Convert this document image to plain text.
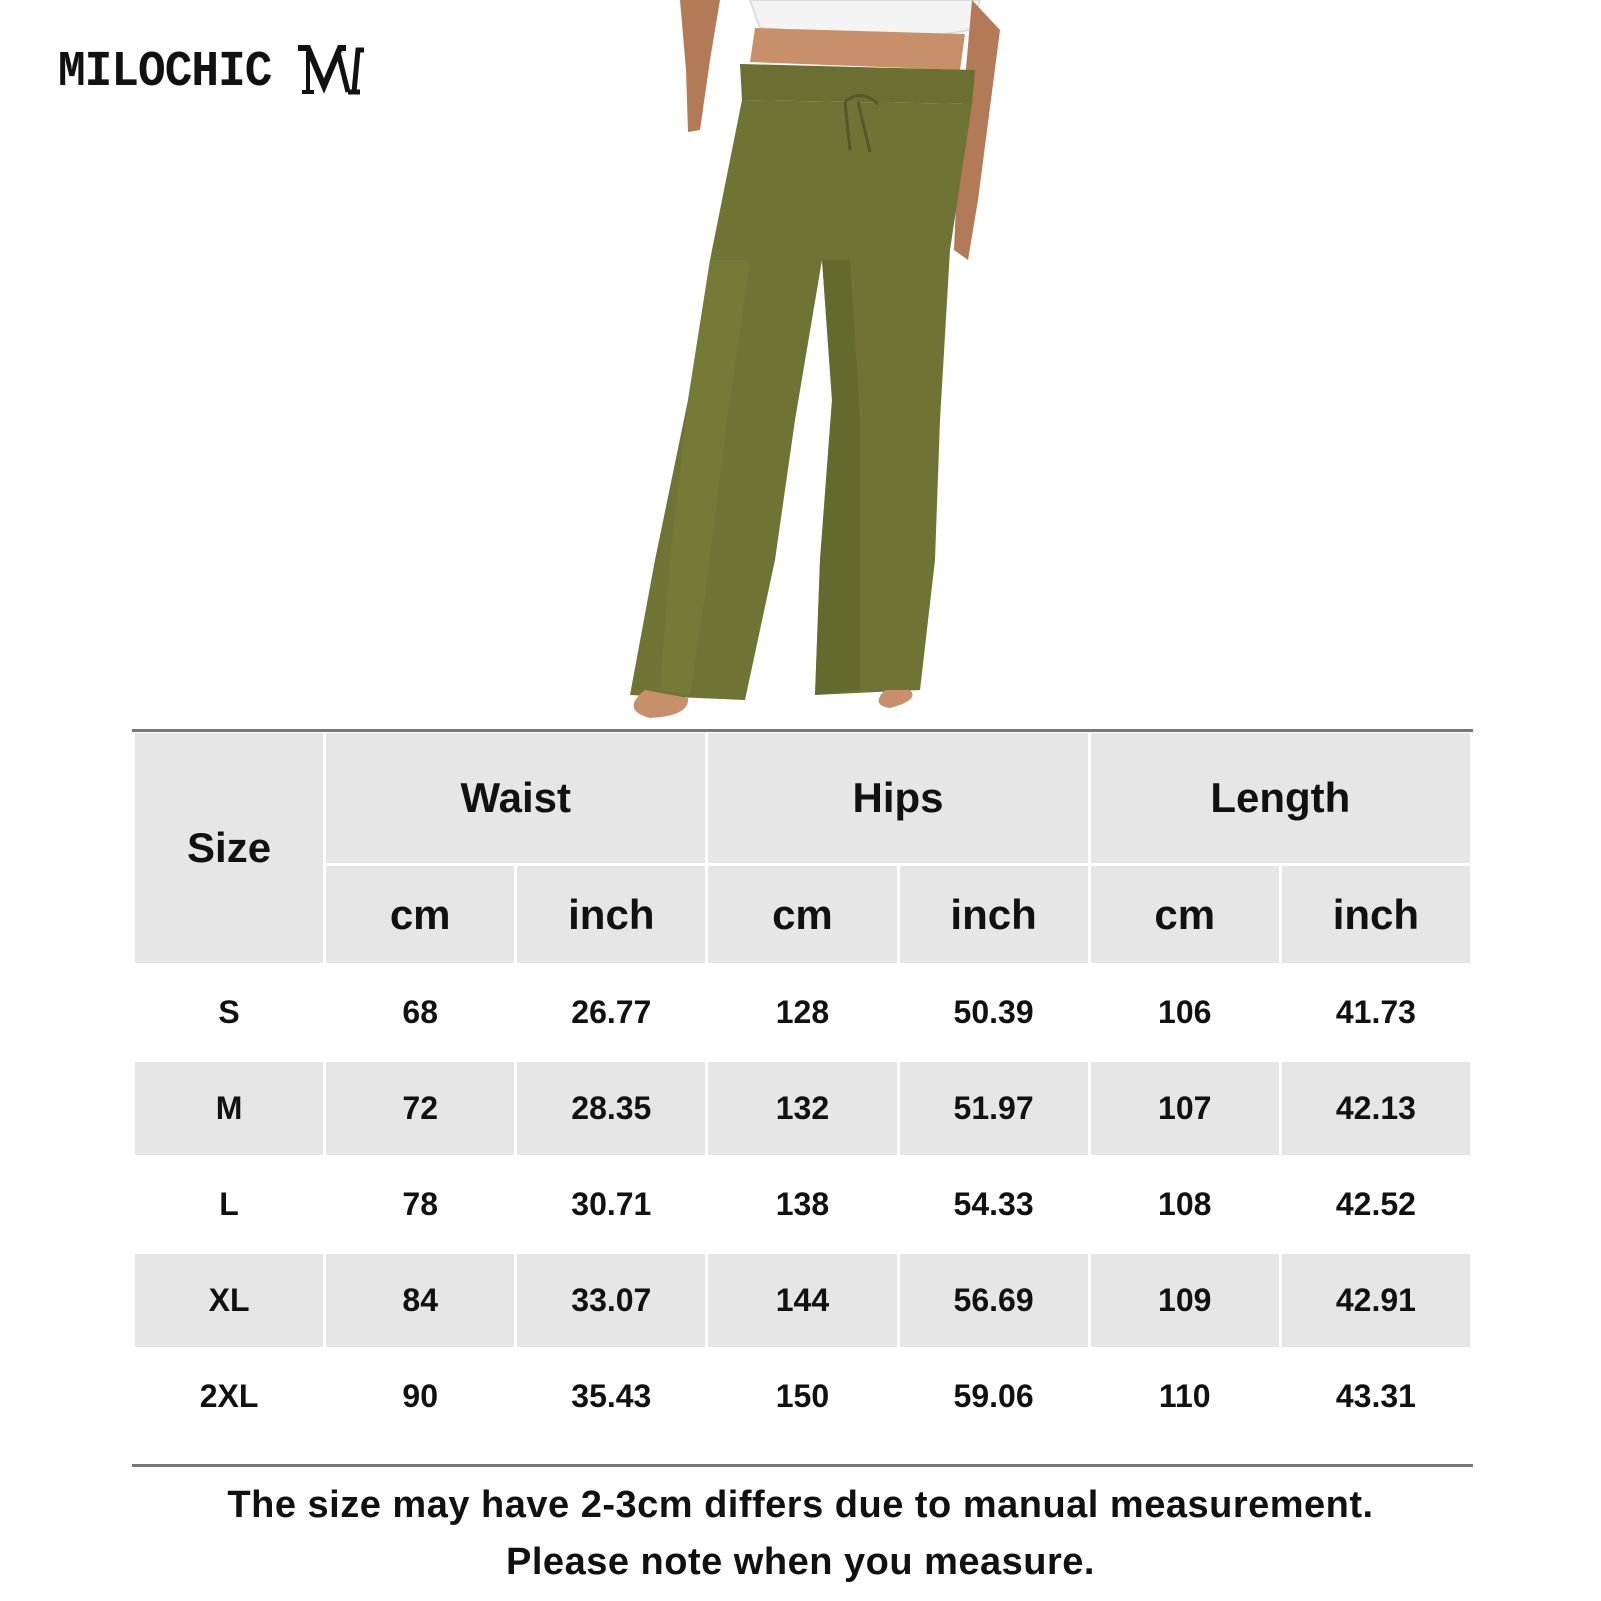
MILOCHIC
Size	Waist		Hips		Length	
	cm	inch	cm	inch	cm	inch
S	68	26.77	128	50.39	106	41.73
M	72	28.35	132	51.97	107	42.13
L	78	30.71	138	54.33	108	42.52
XL	84	33.07	144	56.69	109	42.91
2XL	90	35.43	150	59.06	110	43.31
The size may have 2-3cm differs due to manual measurement.
Please note when you measure.
